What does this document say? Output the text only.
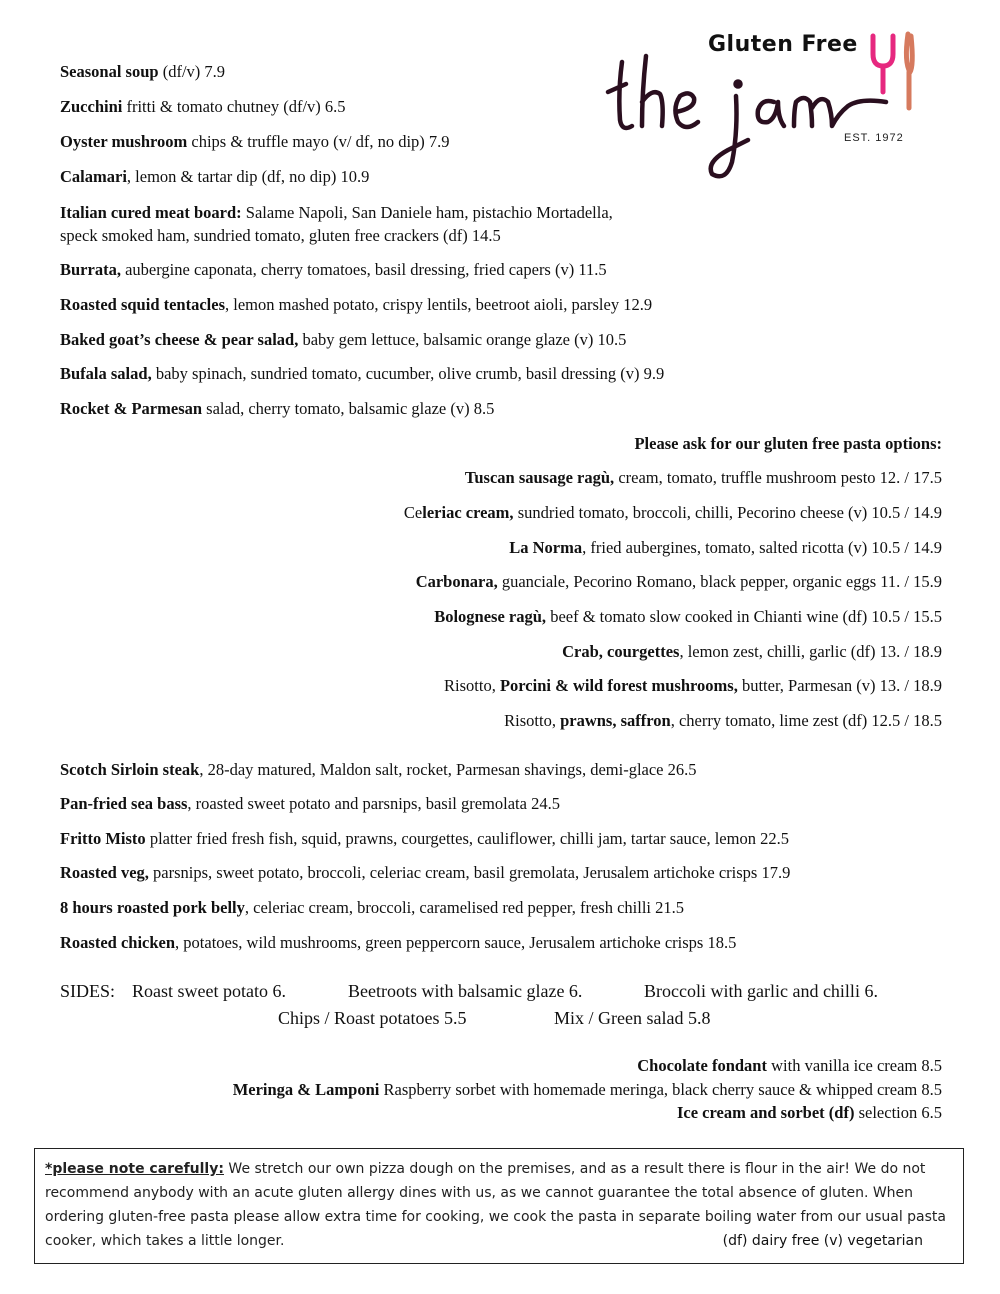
Gluten Free
EST. 1972
Seasonal soup (df/v) 7.9
Zucchini fritti & tomato chutney (df/v) 6.5
Oyster mushroom chips & truffle mayo (v/ df, no dip) 7.9
Calamari, lemon & tartar dip (df, no dip) 10.9
Italian cured meat board: Salame Napoli, San Daniele ham, pistachio Mortadella,
speck smoked ham, sundried tomato, gluten free crackers (df) 14.5
Burrata, aubergine caponata, cherry tomatoes, basil dressing, fried capers (v) 11.5
Roasted squid tentacles, lemon mashed potato, crispy lentils, beetroot aioli, parsley 12.9
Baked goat’s cheese & pear salad, baby gem lettuce, balsamic orange glaze (v) 10.5
Bufala salad, baby spinach, sundried tomato, cucumber, olive crumb, basil dressing (v) 9.9
Rocket & Parmesan salad, cherry tomato, balsamic glaze (v) 8.5
Please ask for our gluten free pasta options:
Tuscan sausage ragù, cream, tomato, truffle mushroom pesto 12. / 17.5
Celeriac cream, sundried tomato, broccoli, chilli, Pecorino cheese (v) 10.5 / 14.9
La Norma, fried aubergines, tomato, salted ricotta (v) 10.5 / 14.9
Carbonara, guanciale, Pecorino Romano, black pepper, organic eggs 11. / 15.9
Bolognese ragù, beef & tomato slow cooked in Chianti wine (df) 10.5 / 15.5
Crab, courgettes, lemon zest, chilli, garlic (df) 13. / 18.9
Risotto, Porcini & wild forest mushrooms, butter, Parmesan (v) 13. / 18.9
Risotto, prawns, saffron, cherry tomato, lime zest (df) 12.5 / 18.5
Scotch Sirloin steak, 28-day matured, Maldon salt, rocket, Parmesan shavings, demi-glace 26.5
Pan-fried sea bass, roasted sweet potato and parsnips, basil gremolata 24.5
Fritto Misto platter fried fresh fish, squid, prawns, courgettes, cauliflower, chilli jam, tartar sauce, lemon 22.5
Roasted veg, parsnips, sweet potato, broccoli, celeriac cream, basil gremolata, Jerusalem artichoke crisps 17.9
8 hours roasted pork belly, celeriac cream, broccoli, caramelised red pepper, fresh chilli 21.5
Roasted chicken, potatoes, wild mushrooms, green peppercorn sauce, Jerusalem artichoke crisps 18.5
SIDES: Roast sweet potato 6.	Beetroots with balsamic glaze 6.	Broccoli with garlic and chilli 6.
Chips / Roast potatoes 5.5	Mix / Green salad 5.8
Chocolate fondant with vanilla ice cream 8.5
Meringa & Lamponi Raspberry sorbet with homemade meringa, black cherry sauce & whipped cream 8.5
Ice cream and sorbet (df) selection 6.5
*please note carefully: We stretch our own pizza dough on the premises, and as a result there is flour in the air! We do not recommend anybody with an acute gluten allergy dines with us, as we cannot guarantee the total absence of gluten. When ordering gluten-free pasta please allow extra time for cooking, we cook the pasta in separate boiling water from our usual pasta cooker, which takes a little longer.	(df) dairy free (v) vegetarian
